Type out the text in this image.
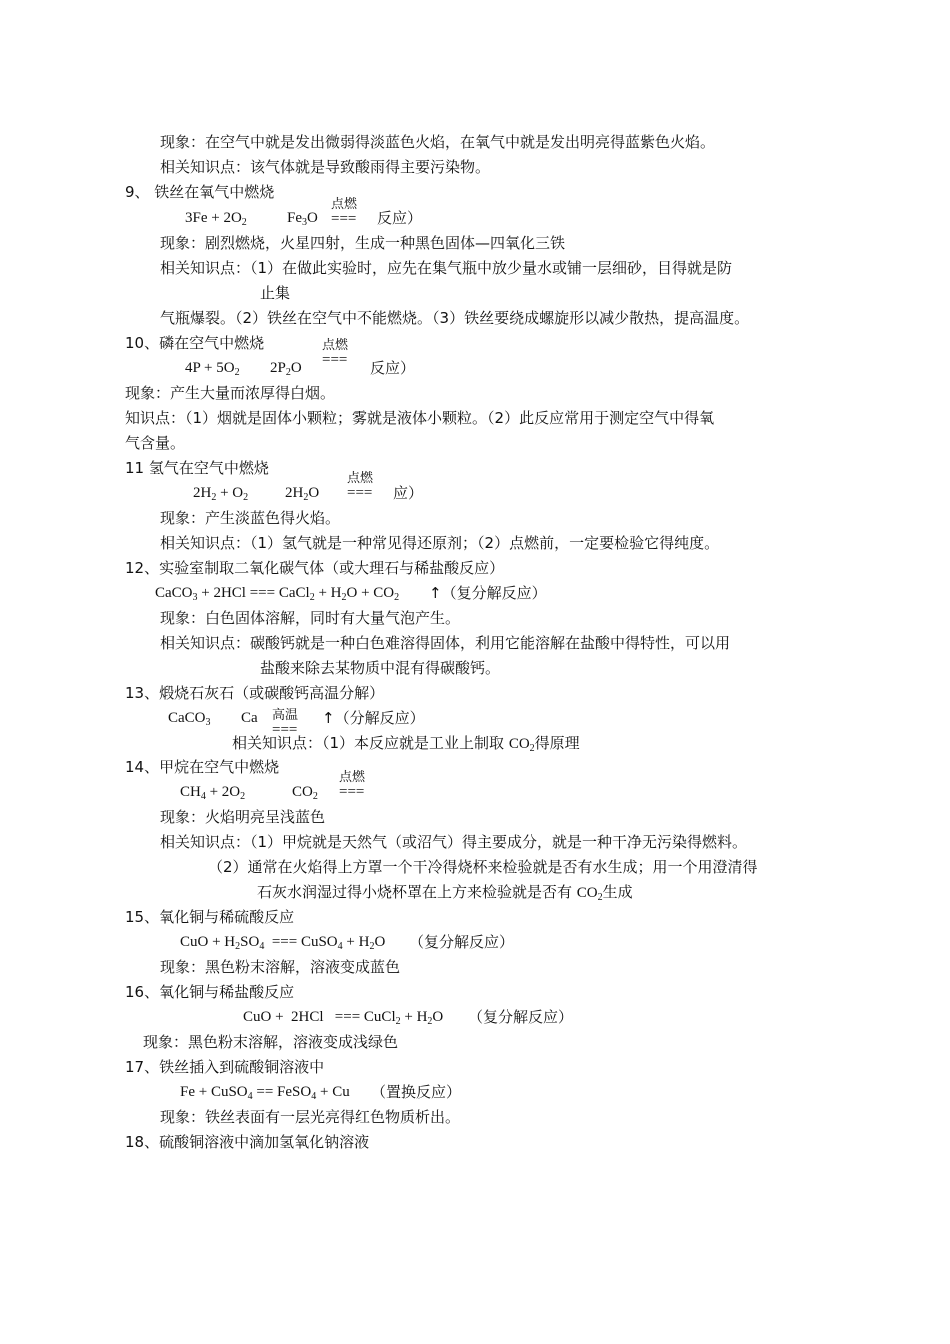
现象：在空气中就是发出微弱得淡蓝色火焰，在氧气中就是发出明亮得蓝紫色火焰。
相关知识点：该气体就是导致酸雨得主要污染物。
9、 铁丝在氧气中燃烧
$3Fe + 2O_2$	$Fe_3O$
点燃
=== 反应）
现象：剧烈燃烧，火星四射，生成一种黑色固体—四氧化三铁
相关知识点：（1）在做此实验时，应先在集气瓶中放少量水或铺一层细砂，目得就是防
止集
气瓶爆裂。（2）铁丝在空气中不能燃烧。（3）铁丝要绕成螺旋形以减少散热，提高温度。
10、磷在空气中燃烧
$4P + 5O_2$ $2P_2O$
点燃
=== 反应）
现象：产生大量而浓厚得白烟。
知识点：（1）烟就是固体小颗粒；雾就是液体小颗粒。（2）此反应常用于测定空气中得氧
气含量。
11 氢气在空气中燃烧
$2H_2 + O_2$ $2H_2O$
点燃
=== 应）
现象：产生淡蓝色得火焰。
相关知识点：（1）氢气就是一种常见得还原剂；（2）点燃前，一定要检验它得纯度。
12、实验室制取二氧化碳气体（或大理石与稀盐酸反应）
CaCO$_3$ + 2HCl === CaCl$_2$ + $H_2O + CO_2$ ↑（复分解反应）
现象：白色固体溶解，同时有大量气泡产生。
相关知识点：碳酸钙就是一种白色难溶得固体，利用它能溶解在盐酸中得特性，可以用
盐酸来除去某物质中混有得碳酸钙。
13、煅烧石灰石（或碳酸钙高温分解）
CaCO$_3$ Ca 高温
===
↑（分解反应）
相关知识点：（1）本反应就是工业上制取 $CO_2$得原理
14、甲烷在空气中燃烧
$CH_4 + 2O_2$	$CO_2$
点燃
===
现象：火焰明亮呈浅蓝色
相关知识点：（1）甲烷就是天然气（或沼气）得主要成分，就是一种干净无污染得燃料。
（2）通常在火焰得上方罩一个干冷得烧杯来检验就是否有水生成；用一个用澄清得
石灰水润湿过得小烧杯罩在上方来检验就是否有 $CO_2$生成
15、氧化铜与稀硫酸反应
CuO + $H_2SO_4$  === CuSO$_4$ + $H_2O$ （复分解反应）
现象：黑色粉末溶解，溶液变成蓝色
16、氧化铜与稀盐酸反应
CuO +  2HCl   === CuCl$_2$ + $H_2O$ （复分解反应）
现象：黑色粉末溶解，溶液变成浅绿色
17、铁丝插入到硫酸铜溶液中
Fe + CuSO$_4$ == FeSO$_4$ + Cu （置换反应）
现象：铁丝表面有一层光亮得红色物质析出。
18、硫酸铜溶液中滴加氢氧化钠溶液
